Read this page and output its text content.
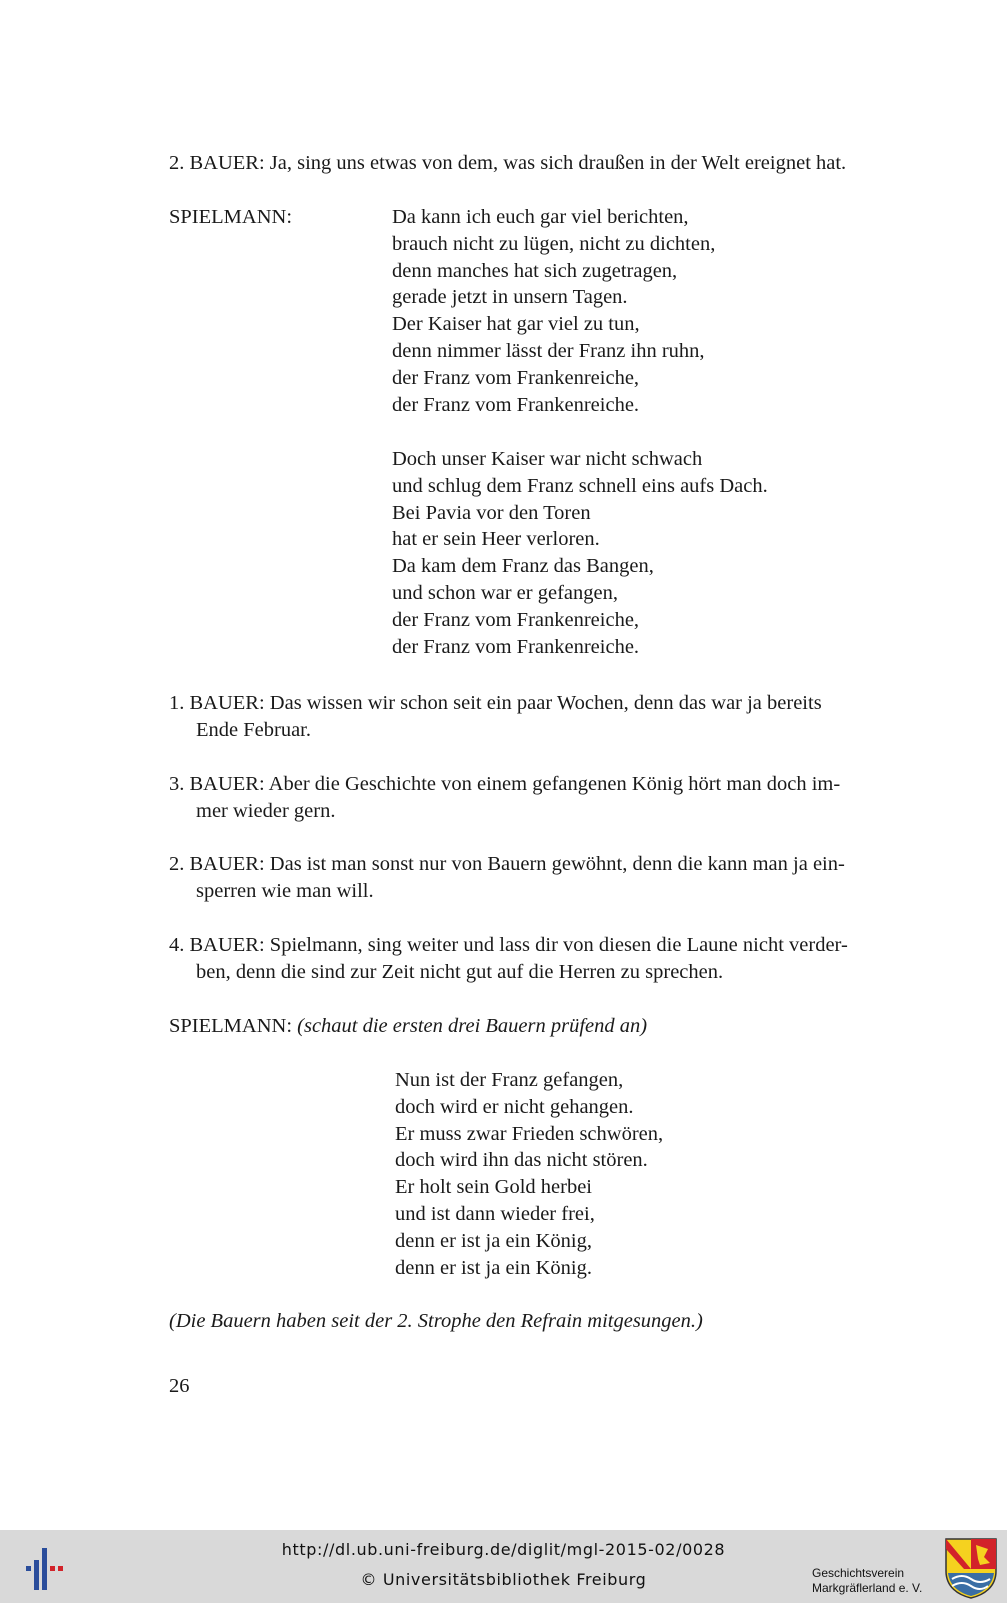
2. BAUER: Ja, sing uns etwas von dem, was sich draußen in der Welt ereignet hat.
SPIELMANN:	Da kann ich euch gar viel berichten,
brauch nicht zu lügen, nicht zu dichten,
denn manches hat sich zugetragen,
gerade jetzt in unsern Tagen.
Der Kaiser hat gar viel zu tun,
denn nimmer lässt der Franz ihn ruhn,
der Franz vom Frankenreiche,
der Franz vom Frankenreiche.
Doch unser Kaiser war nicht schwach
und schlug dem Franz schnell eins aufs Dach.
Bei Pavia vor den Toren
hat er sein Heer verloren.
Da kam dem Franz das Bangen,
und schon war er gefangen,
der Franz vom Frankenreiche,
der Franz vom Frankenreiche.
1. BAUER: Das wissen wir schon seit ein paar Wochen, denn das war ja bereits
Ende Februar.
3. BAUER: Aber die Geschichte von einem gefangenen König hört man doch im-
mer wieder gern.
2. BAUER: Das ist man sonst nur von Bauern gewöhnt, denn die kann man ja ein-
sperren wie man will.
4. BAUER: Spielmann, sing weiter und lass dir von diesen die Laune nicht verder-
ben, denn die sind zur Zeit nicht gut auf die Herren zu sprechen.
SPIELMANN: (schaut die ersten drei Bauern prüfend an)
Nun ist der Franz gefangen,
doch wird er nicht gehangen.
Er muss zwar Frieden schwören,
doch wird ihn das nicht stören.
Er holt sein Gold herbei
und ist dann wieder frei,
denn er ist ja ein König,
denn er ist ja ein König.
(Die Bauern haben seit der 2. Strophe den Refrain mitgesungen.)
26
http://dl.ub.uni-freiburg.de/diglit/mgl-2015-02/0028
© Universitätsbibliothek Freiburg	Geschichtsverein
Markgräflerland e. V.
